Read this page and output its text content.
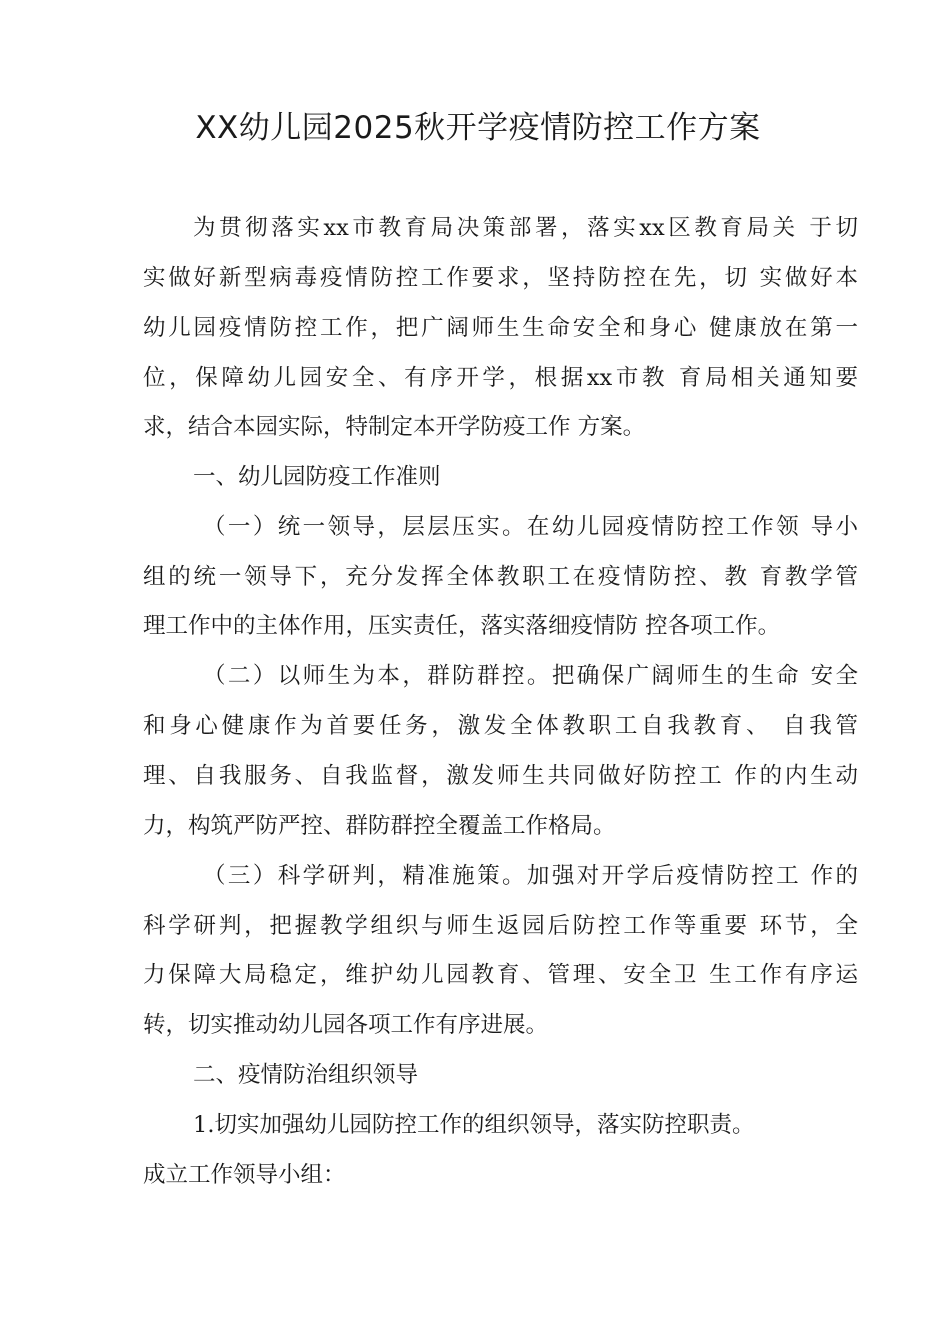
XX幼儿园2025秋开学疫情防控工作方案

为贯彻落实xx市教育局决策部署，落实xx区教育局关 于切

实做好新型病毒疫情防控工作要求，坚持防控在先，切 实做好本

幼儿园疫情防控工作，把广阔师生生命安全和身心 健康放在第一

位，保障幼儿园安全、有序开学，根据xx市教 育局相关通知要

求，结合本园实际，特制定本开学防疫工作 方案。

一、幼儿园防疫工作准则

（一）统一领导，层层压实。在幼儿园疫情防控工作领 导小

组的统一领导下，充分发挥全体教职工在疫情防控、教 育教学管

理工作中的主体作用，压实责任，落实落细疫情防 控各项工作。

（二）以师生为本，群防群控。把确保广阔师生的生命 安全

和身心健康作为首要任务，激发全体教职工自我教育、 自我管

理、自我服务、自我监督，激发师生共同做好防控工 作的内生动

力，构筑严防严控、群防群控全覆盖工作格局。

（三）科学研判，精准施策。加强对开学后疫情防控工 作的

科学研判，把握教学组织与师生返园后防控工作等重要 环节，全

力保障大局稳定，维护幼儿园教育、管理、安全卫 生工作有序运

转，切实推动幼儿园各项工作有序进展。

二、疫情防治组织领导

1.切实加强幼儿园防控工作的组织领导，落实防控职责。

成立工作领导小组：
